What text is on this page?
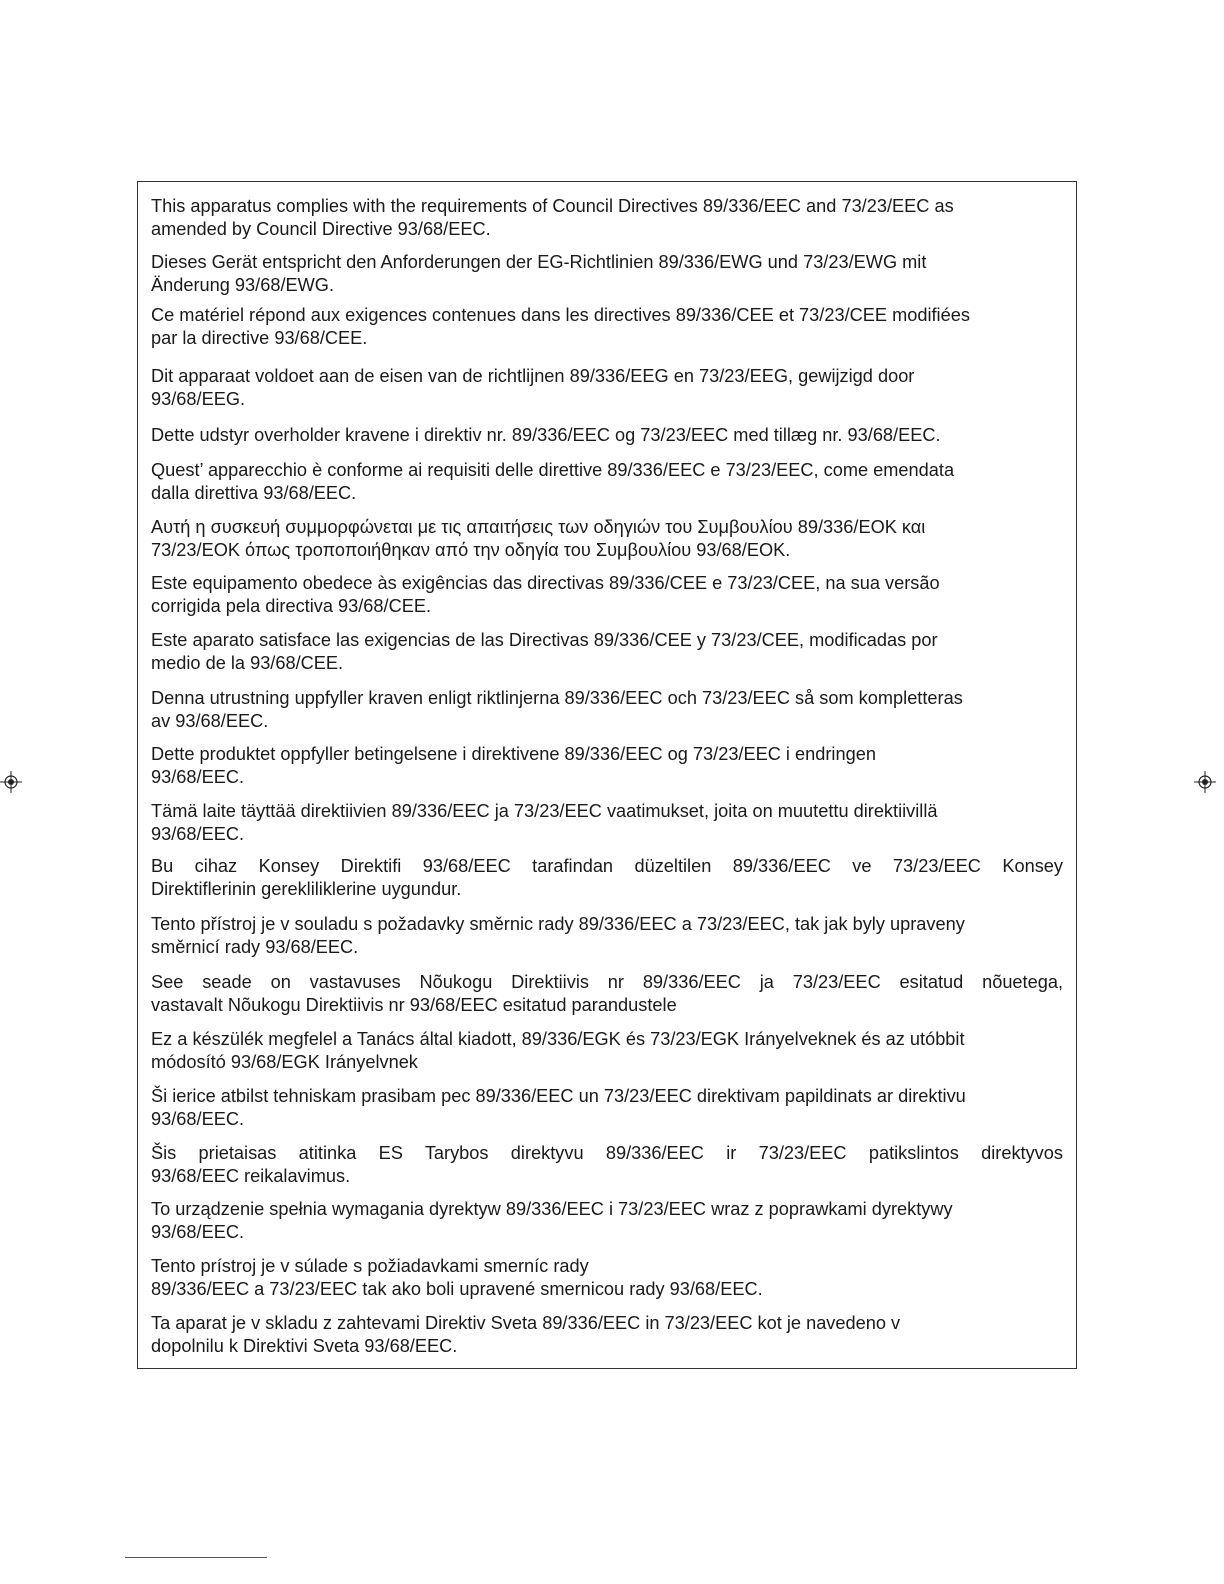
This apparatus complies with the requirements of Council Directives 89/336/EEC and 73/23/EEC as
amended by Council Directive 93/68/EEC.

Dieses Gerät entspricht den Anforderungen der EG-Richtlinien 89/336/EWG und 73/23/EWG mit
Änderung 93/68/EWG.

Ce matériel répond aux exigences contenues dans les directives 89/336/CEE et 73/23/CEE modifiées
par la directive 93/68/CEE.

Dit apparaat voldoet aan de eisen van de richtlijnen 89/336/EEG en 73/23/EEG, gewijzigd door
93/68/EEG.

Dette udstyr overholder kravene i direktiv nr. 89/336/EEC og 73/23/EEC med tillæg nr. 93/68/EEC.

Quest’ apparecchio è conforme ai requisiti delle direttive 89/336/EEC e 73/23/EEC, come emendata
dalla direttiva 93/68/EEC.

Αυτή η συσκευή συμμορφώνεται με τις απαιτήσεις των οδηγιών του Συμβουλίου 89/336/ΕΟΚ και
73/23/ΕΟΚ όπως τροποποιήθηκαν από την οδηγία του Συμβουλίου 93/68/ΕΟΚ.

Este equipamento obedece às exigências das directivas 89/336/CEE e 73/23/CEE, na sua versão
corrigida pela directiva 93/68/CEE.

Este aparato satisface las exigencias de las Directivas 89/336/CEE y 73/23/CEE, modificadas por
medio de la 93/68/CEE.

Denna utrustning uppfyller kraven enligt riktlinjerna 89/336/EEC och 73/23/EEC så som kompletteras
av 93/68/EEC.

Dette produktet oppfyller betingelsene i direktivene 89/336/EEC og 73/23/EEC i endringen
93/68/EEC.

Tämä laite täyttää direktiivien 89/336/EEC ja 73/23/EEC vaatimukset, joita on muutettu direktiivillä
93/68/EEC.

Bu cihaz Konsey Direktifi 93/68/EEC tarafindan düzeltilen 89/336/EEC ve 73/23/EEC Konsey
Direktiflerinin gerekliliklerine uygundur.

Tento přístroj je v souladu s požadavky směrnic rady 89/336/EEC a 73/23/EEC, tak jak byly upraveny
směrnicí rady 93/68/EEC.

See seade on vastavuses Nõukogu Direktiivis nr 89/336/EEC ja 73/23/EEC esitatud nõuetega,
vastavalt Nõukogu Direktiivis nr 93/68/EEC esitatud parandustele

Ez a készülék megfelel a Tanács által kiadott, 89/336/EGK és 73/23/EGK Irányelveknek és az utóbbit
módosító 93/68/EGK Irányelvnek

Ši ierice atbilst tehniskam prasibam pec 89/336/EEC un 73/23/EEC direktivam papildinats ar direktivu
93/68/EEC.

Šis prietaisas atitinka ES Tarybos direktyvu 89/336/EEC ir 73/23/EEC patikslintos direktyvos
93/68/EEC reikalavimus.

To urządzenie spełnia wymagania dyrektyw 89/336/EEC i 73/23/EEC wraz z poprawkami dyrektywy
93/68/EEC.

Tento prístroj je v súlade s požiadavkami smerníc rady
89/336/EEC a 73/23/EEC tak ako boli upravené smernicou rady 93/68/EEC.

Ta aparat je v skladu z zahtevami Direktiv Sveta 89/336/EEC in 73/23/EEC kot je navedeno v
dopolnilu k Direktivi Sveta 93/68/EEC.
